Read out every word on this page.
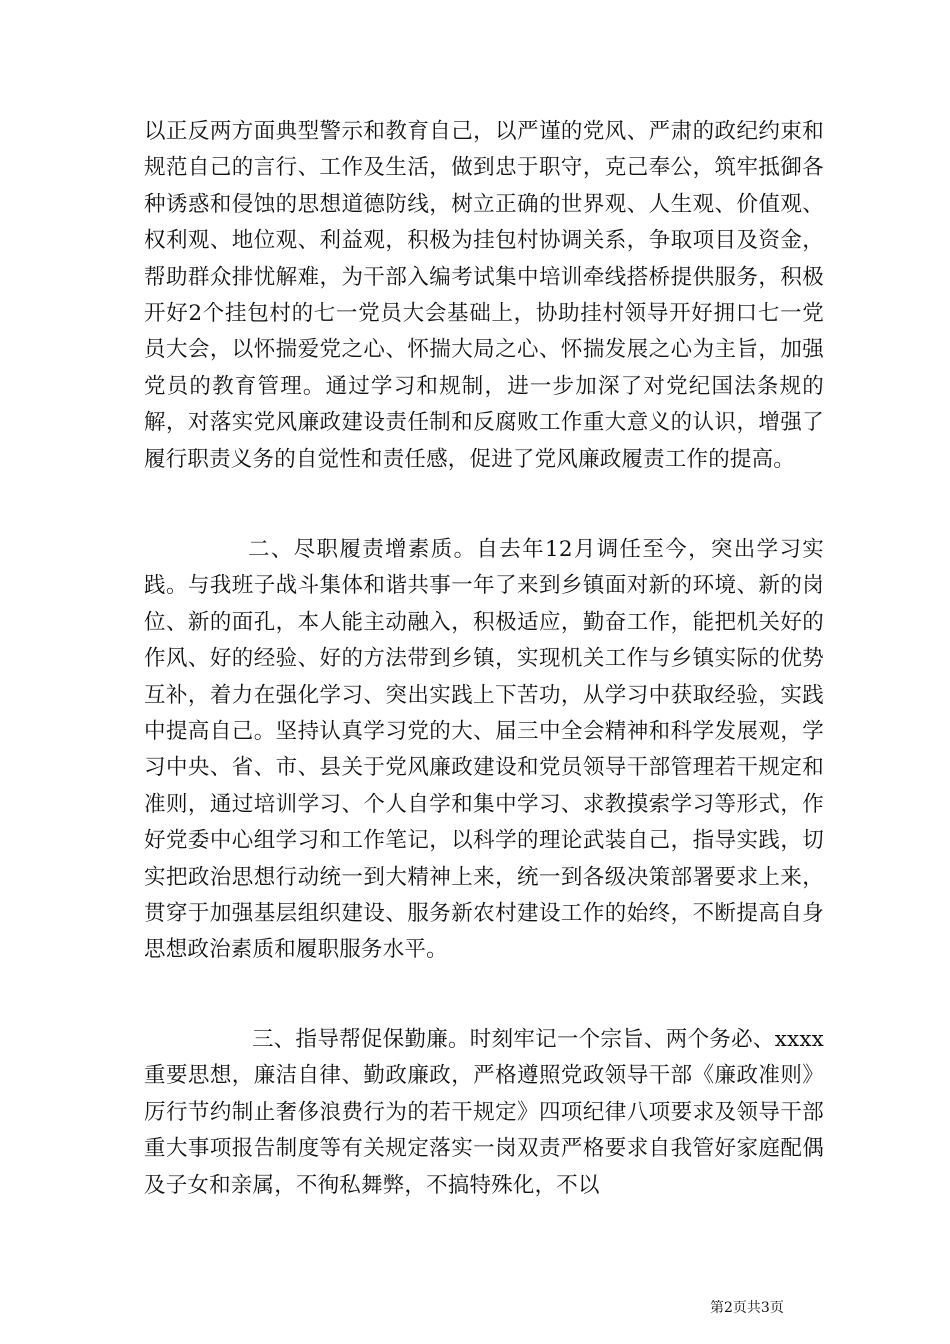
以正反两方面典型警示和教育自己，以严谨的党风、严肃的政纪约束和规范自己的言行、工作及生活，做到忠于职守，克己奉公，筑牢抵御各种诱惑和侵蚀的思想道德防线，树立正确的世界观、人生观、价值观、权利观、地位观、利益观，积极为挂包村协调关系，争取项目及资金，帮助群众排忧解难，为干部入编考试集中培训牵线搭桥提供服务，积极开好2个挂包村的七一党员大会基础上，协助挂村领导开好拥口七一党员大会，以怀揣爱党之心、怀揣大局之心、怀揣发展之心为主旨，加强党员的教育管理。通过学习和规制，进一步加深了对党纪国法条规的解，对落实党风廉政建设责任制和反腐败工作重大意义的认识，增强了履行职责义务的自觉性和责任感，促进了党风廉政履责工作的提高。

二、尽职履责增素质。自去年12月调任至今，突出学习实践。与我班子战斗集体和谐共事一年了来到乡镇面对新的环境、新的岗位、新的面孔，本人能主动融入，积极适应，勤奋工作，能把机关好的作风、好的经验、好的方法带到乡镇，实现机关工作与乡镇实际的优势互补，着力在强化学习、突出实践上下苦功，从学习中获取经验，实践中提高自己。坚持认真学习党的大、届三中全会精神和科学发展观，学习中央、省、市、县关于党风廉政建设和党员领导干部管理若干规定和准则，通过培训学习、个人自学和集中学习、求教摸索学习等形式，作好党委中心组学习和工作笔记，以科学的理论武装自己，指导实践，切实把政治思想行动统一到大精神上来，统一到各级决策部署要求上来，贯穿于加强基层组织建设、服务新农村建设工作的始终，不断提高自身思想政治素质和履职服务水平。

三、指导帮促保勤廉。时刻牢记一个宗旨、两个务必、xxxx重要思想，廉洁自律、勤政廉政，严格遵照党政领导干部《廉政准则》厉行节约制止奢侈浪费行为的若干规定》四项纪律八项要求及领导干部重大事项报告制度等有关规定落实一岗双责严格要求自我管好家庭配偶及子女和亲属，不徇私舞弊，不搞特殊化，不以

第2页共3页
